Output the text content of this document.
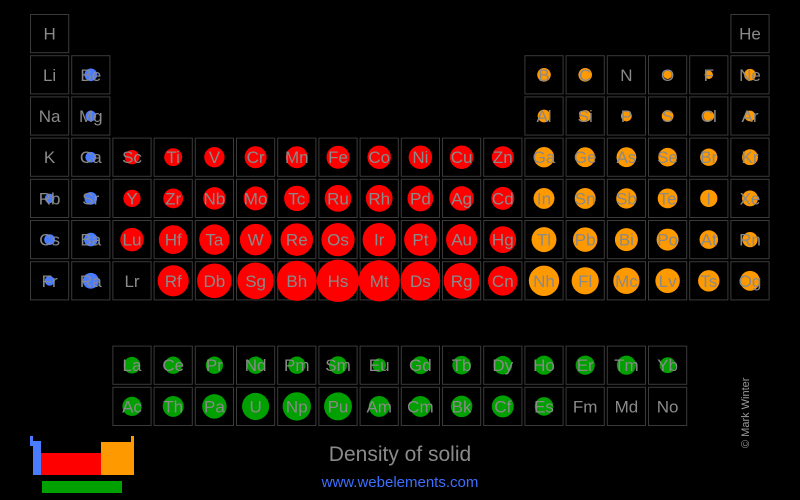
H	He
Li Be	B C N O F Ne
Na Mg	Al Si P S Cl Ar
K Ca Sc Ti V Cr Mn Fe Co Ni Cu Zn Ga Ge As Se Br Kr
Rb Sr Y Zr Nb Mo Tc Ru Rh Pd Ag Cd In Sn Sb Te I Xe
Cs Ba Lu Hf Ta W Re Os Ir Pt Au Hg Tl Pb Bi Po At Rn
Fr Ra Lr Rf Db Sg Bh Hs Mt Ds Rg Cn Nh Fl Mc Lv Ts Og
La Ce Pr Nd Pm Sm Eu Gd Tb Dy Ho Er Tm Yb
Ac Th Pa U Np Pu Am Cm Bk Cf Es Fm Md No
Density of solid
www.webelements.com
© Mark Winter
